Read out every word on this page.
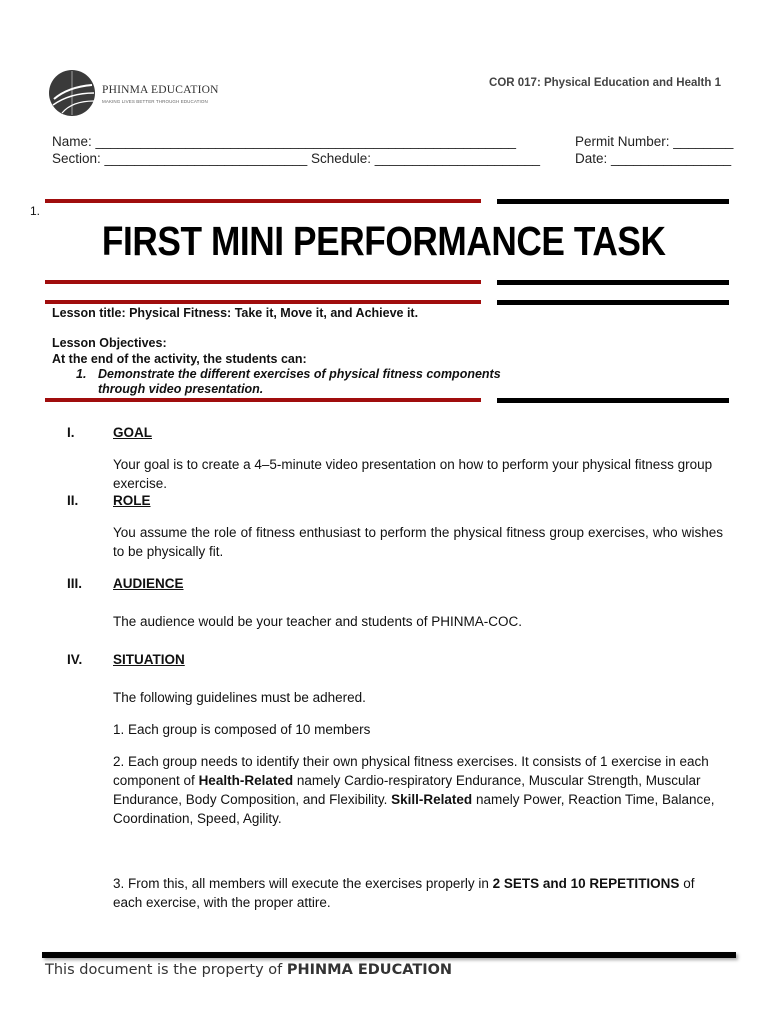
PHINMA EDUCATION
MAKING LIVES BETTER THROUGH EDUCATION
COR 017: Physical Education and Health 1
Name: ________________________________________________________	Permit Number: ________
Section: ___________________________ Schedule: ______________________	Date: ________________
1.
FIRST MINI PERFORMANCE TASK
Lesson title: Physical Fitness: Take it, Move it, and Achieve it.
Lesson Objectives:
At the end of the activity, the students can:
1. Demonstrate the different exercises of physical fitness components
through video presentation.
I.	GOAL
Your goal is to create a 4–5-minute video presentation on how to perform your physical fitness group exercise.
II.	ROLE
You assume the role of fitness enthusiast to perform the physical fitness group exercises, who wishes to be physically fit.
III. AUDIENCE
The audience would be your teacher and students of PHINMA-COC.
IV. SITUATION
The following guidelines must be adhered.
1. Each group is composed of 10 members
2. Each group needs to identify their own physical fitness exercises. It consists of 1 exercise in each component of Health-Related namely Cardio-respiratory Endurance, Muscular Strength, Muscular Endurance, Body Composition, and Flexibility. Skill-Related namely Power, Reaction Time, Balance, Coordination, Speed, Agility.
3. From this, all members will execute the exercises properly in 2 SETS and 10 REPETITIONS of each exercise, with the proper attire.
This document is the property of PHINMA EDUCATION
